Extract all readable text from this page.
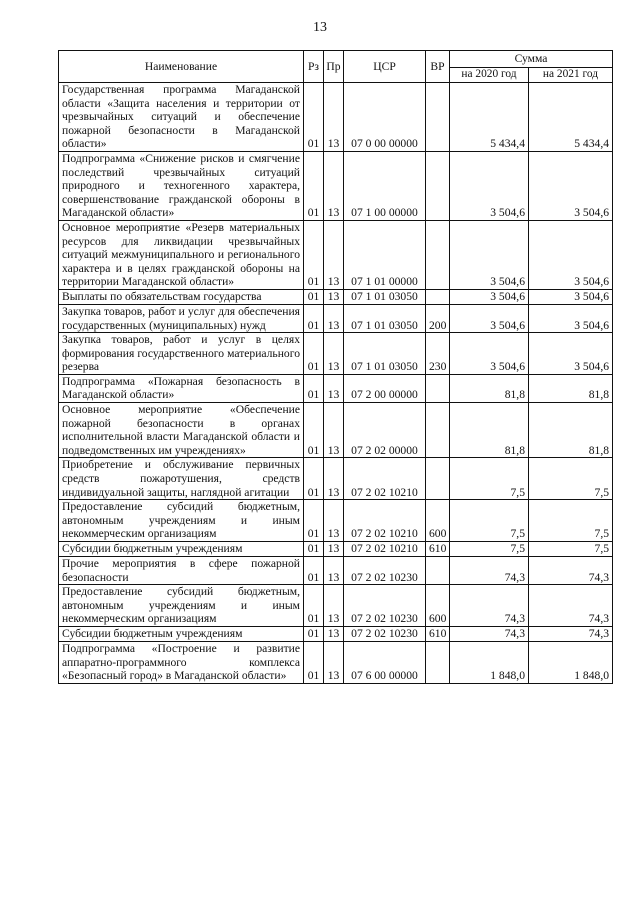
13
Наименование	Рз	Пр	ЦСР	ВР	Сумма	
					на 2020 год	на 2021 год
Государственная программа Магаданской области «Защита населения и территории от чрезвычайных ситуаций и обеспечение пожарной безопасности в Магаданской области»	01	13	07 0 00 00000		5 434,4	5 434,4
Подпрограмма «Снижение рисков и смягчение последствий чрезвычайных ситуаций природного и техногенного характера, совершенствование гражданской обороны в Магаданской области»	01	13	07 1 00 00000		3 504,6	3 504,6
Основное мероприятие «Резерв материальных ресурсов для ликвидации чрезвычайных ситуаций межмуниципального и регионального характера и в целях гражданской обороны на территории Магаданской области»	01	13	07 1 01 00000		3 504,6	3 504,6
Выплаты по обязательствам государства	01	13	07 1 01 03050		3 504,6	3 504,6
Закупка товаров, работ и услуг для обеспечения государственных (муниципальных) нужд	01	13	07 1 01 03050	200	3 504,6	3 504,6
Закупка товаров, работ и услуг в целях формирования государственного материального резерва	01	13	07 1 01 03050	230	3 504,6	3 504,6
Подпрограмма «Пожарная безопасность в Магаданской области»	01	13	07 2 00 00000		81,8	81,8
Основное мероприятие «Обеспечение пожарной безопасности в органах исполнительной власти Магаданской области и подведомственных им учреждениях»	01	13	07 2 02 00000		81,8	81,8
Приобретение и обслуживание первичных средств пожаротушения, средств индивидуальной защиты, наглядной агитации	01	13	07 2 02 10210		7,5	7,5
Предоставление субсидий бюджетным, автономным учреждениям и иным некоммерческим организациям	01	13	07 2 02 10210	600	7,5	7,5
Субсидии бюджетным учреждениям	01	13	07 2 02 10210	610	7,5	7,5
Прочие мероприятия в сфере пожарной безопасности	01	13	07 2 02 10230		74,3	74,3
Предоставление субсидий бюджетным, автономным учреждениям и иным некоммерческим организациям	01	13	07 2 02 10230	600	74,3	74,3
Субсидии бюджетным учреждениям	01	13	07 2 02 10230	610	74,3	74,3
Подпрограмма «Построение и развитие аппаратно-программного комплекса «Безопасный город» в Магаданской области»	01	13	07 6 00 00000		1 848,0	1 848,0
